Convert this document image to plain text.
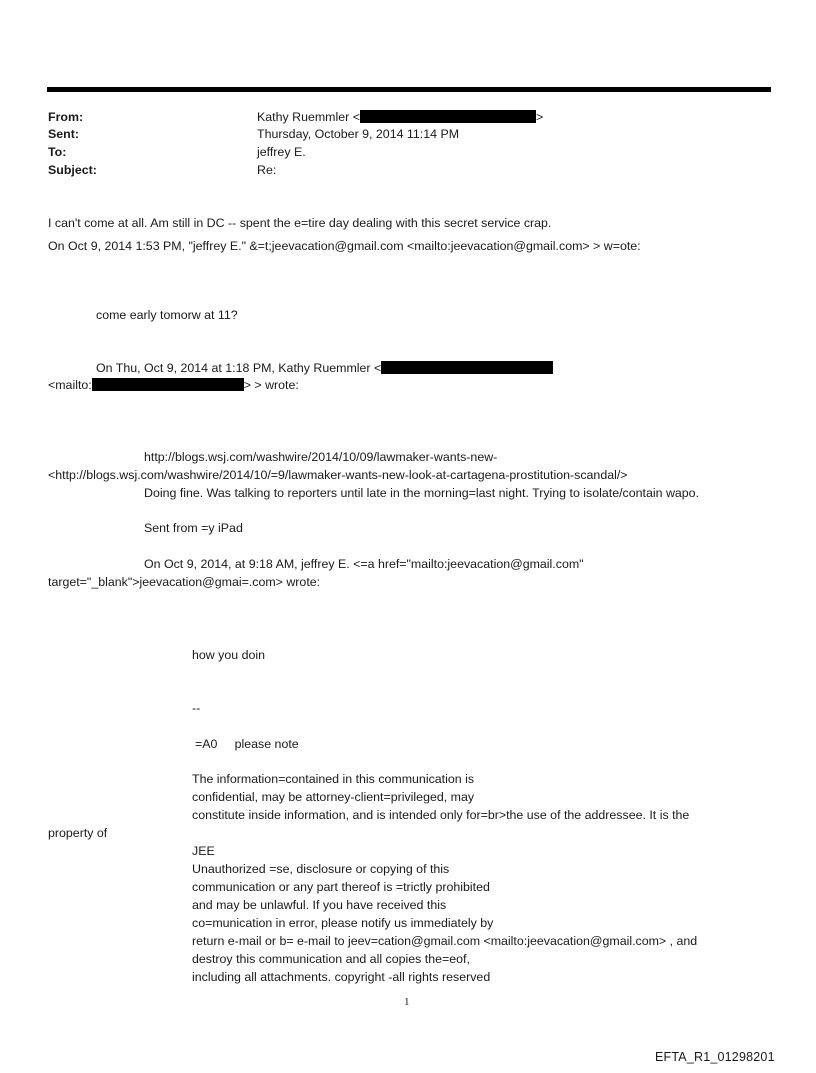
From:	Kathy Ruemmler <	>
Sent:	Thursday, October 9, 2014 11:14 PM
To:	jeffrey E.
Subject:	Re:
I can't come at all. Am still in DC -- spent the e=tire day dealing with this secret service crap.
On Oct 9, 2014 1:53 PM, "jeffrey E." &=t;jeevacation@gmail.com <mailto:jeevacation@gmail.com> > w=ote:
come early tomorw at 11?
On Thu, Oct 9, 2014 at 1:18 PM, Kathy Ruemmler <
<mailto:	> > wrote:
http://blogs.wsj.com/washwire/2014/10/09/lawmaker-wants-new-
<http://blogs.wsj.com/washwire/2014/10/=9/lawmaker-wants-new-look-at-cartagena-prostitution-scandal/>
Doing fine. Was talking to reporters until late in the morning=last night. Trying to isolate/contain wapo.
Sent from =y iPad
On Oct 9, 2014, at 9:18 AM, jeffrey E. <=a href="mailto:jeevacation@gmail.com"
target="_blank">jeevacation@gmai=.com> wrote:
how you doin
--
=A0     please note
The information=contained in this communication is
confidential, may be attorney-client=privileged, may
constitute inside information, and is intended only for=br>the use of the addressee. It is the
property of
JEE
Unauthorized =se, disclosure or copying of this
communication or any part thereof is =trictly prohibited
and may be unlawful. If you have received this
co=munication in error, please notify us immediately by
return e-mail or b= e-mail to jeev=cation@gmail.com <mailto:jeevacation@gmail.com> , and
destroy this communication and all copies the=eof,
including all attachments. copyright -all rights reserved
1
EFTA_R1_01298201
